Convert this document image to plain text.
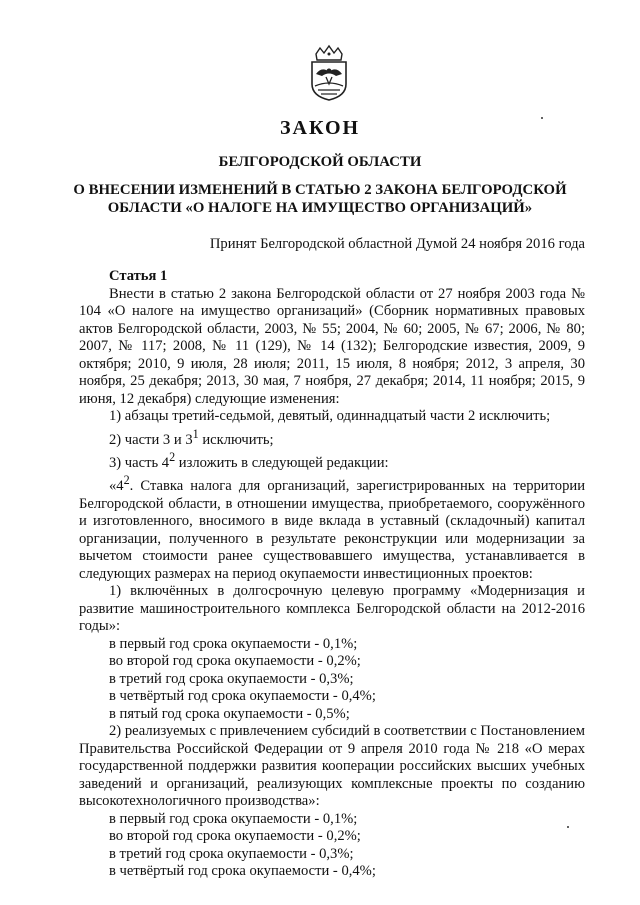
ЗАКОН
БЕЛГОРОДСКОЙ ОБЛАСТИ
О ВНЕСЕНИИ ИЗМЕНЕНИЙ В СТАТЬЮ 2 ЗАКОНА БЕЛГОРОДСКОЙ
ОБЛАСТИ «О НАЛОГЕ НА ИМУЩЕСТВО ОРГАНИЗАЦИЙ»
Принят Белгородской областной Думой 24 ноября 2016 года

Статья 1

Внести в статью 2 закона Белгородской области от 27 ноября 2003 года № 104 «О налоге на имущество организаций» (Сборник нормативных правовых актов Белгородской области, 2003, № 55; 2004, № 60; 2005, № 67; 2006, № 80; 2007, № 117; 2008, № 11 (129), № 14 (132); Белгородские известия, 2009, 9 октября; 2010, 9 июля, 28 июля; 2011, 15 июля, 8 ноября; 2012, 3 апреля, 30 ноября, 25 декабря; 2013, 30 мая, 7 ноября, 27 декабря; 2014, 11 ноября; 2015, 9 июня, 12 декабря) следующие изменения:

1) абзацы третий-седьмой, девятый, одиннадцатый части 2 исключить;

2) части 3 и $3^1$ исключить;

3) часть $4^2$ изложить в следующей редакции:

«$4^2$. Ставка налога для организаций, зарегистрированных на территории Белгородской области, в отношении имущества, приобретаемого, сооружённого и изготовленного, вносимого в виде вклада в уставный (складочный) капитал организации, полученного в результате реконструкции или модернизации за вычетом стоимости ранее существовавшего имущества, устанавливается в следующих размерах на период окупаемости инвестиционных проектов:

1) включённых в долгосрочную целевую программу «Модернизация и развитие машиностроительного комплекса Белгородской области на 2012-2016 годы»:

в первый год срока окупаемости - 0,1%;

во второй год срока окупаемости - 0,2%;

в третий год срока окупаемости - 0,3%;

в четвёртый год срока окупаемости - 0,4%;

в пятый год срока окупаемости - 0,5%;

2) реализуемых с привлечением субсидий в соответствии с Постановлением Правительства Российской Федерации от 9 апреля 2010 года № 218 «О мерах государственной поддержки развития кооперации российских высших учебных заведений и организаций, реализующих комплексные проекты по созданию высокотехнологичного производства»:

в первый год срока окупаемости - 0,1%;

во второй год срока окупаемости - 0,2%;

в третий год срока окупаемости - 0,3%;

в четвёртый год срока окупаемости - 0,4%;
